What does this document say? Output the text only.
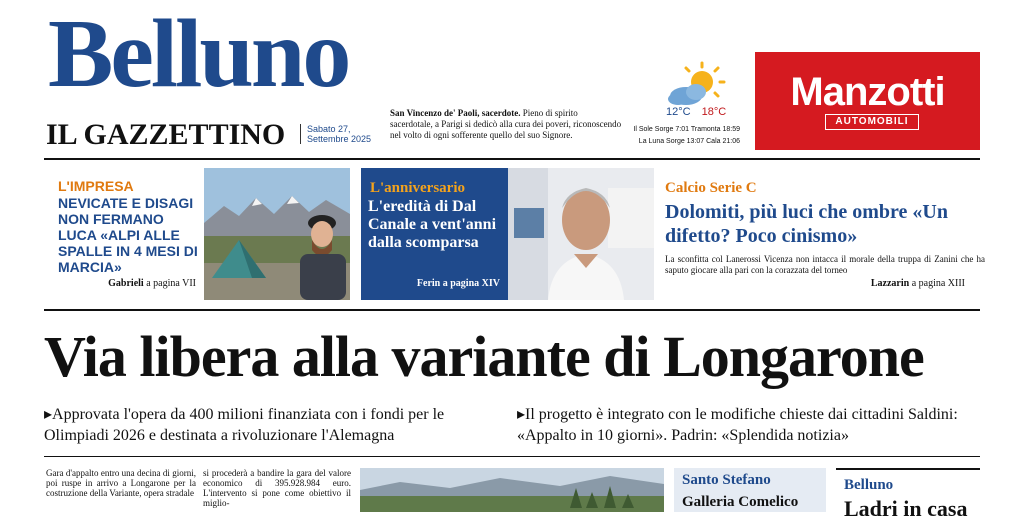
Belluno
IL GAZZETTINO Sabato 27,
Settembre 2025
San Vincenzo de' Paoli, sacerdote. Pieno di spirito sacerdotale, a Parigi si dedicò alla cura dei poveri, riconoscendo nel volto di ogni sofferente quello del suo Signore.
12°C 18°C
Il Sole Sorge 7:01 Tramonta 18:59
La Luna Sorge 13:07 Cala 21:06
Manzotti
AUTOMOBILI
L'IMPRESA
NEVICATE E DISAGI NON FERMANO LUCA «ALPI ALLE SPALLE IN 4 MESI DI MARCIA»
Gabrieli a pagina VII
L'anniversario
L'eredità di Dal Canale a vent'anni dalla scomparsa
Ferin a pagina XIV
Calcio Serie C
Dolomiti, più luci che ombre «Un difetto? Poco cinismo»
La sconfitta col Lanerossi Vicenza non intacca il morale della truppa di Zanini che ha saputo giocare alla pari con la corazzata del torneo
Lazzarin a pagina XIII
Via libera alla variante di Longarone
▸Approvata l'opera da 400 milioni finanziata con i fondi per le Olimpiadi 2026 e destinata a rivoluzionare l'Alemagna
▸Il progetto è integrato con le modifiche chieste dai cittadini Saldini: «Appalto in 10 giorni». Padrin: «Splendida notizia»
Gara d'appalto entro una decina di giorni, poi ruspe in arrivo a Longarone per la costruzione della Variante, opera stradale
si procederà a bandire la gara del valore economico di 395.928.984 euro. L'intervento si pone come obiettivo il miglio-
Santo Stefano
Galleria Comelico
Belluno
Ladri in casa
